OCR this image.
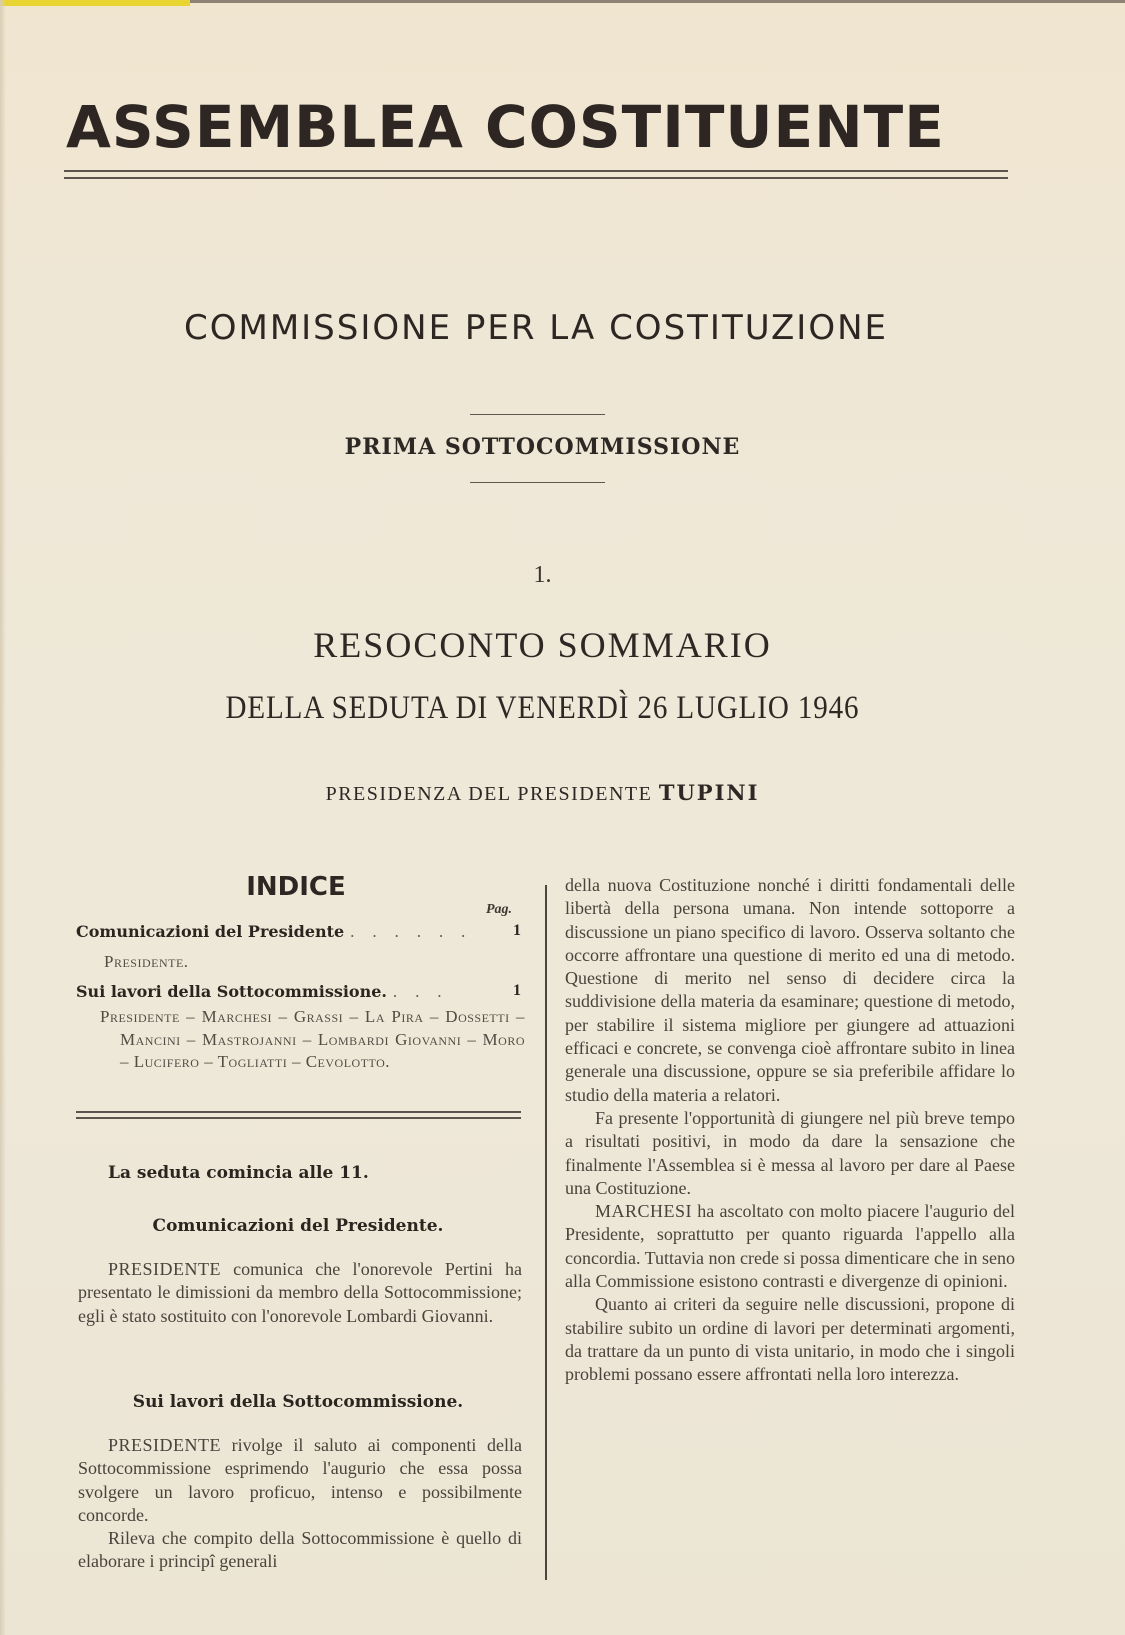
ASSEMBLEA COSTITUENTE
COMMISSIONE PER LA COSTITUZIONE
PRIMA SOTTOCOMMISSIONE
1.
RESOCONTO SOMMARIO
DELLA SEDUTA DI VENERDÌ 26 LUGLIO 1946
PRESIDENZA DEL PRESIDENTE TUPINI
INDICE
Pag.
Comunicazioni del Presidente . . . . . .	1
Presidente.
Sui lavori della Sottocommissione. . . .	1
Presidente – Marchesi – Grassi – La Pira – Dossetti – Mancini – Mastrojanni – Lombardi Giovanni – Moro – Lucifero – Togliatti – Cevolotto.
La seduta comincia alle 11.
Comunicazioni del Presidente.

PRESIDENTE comunica che l'onorevole Pertini ha presentato le dimissioni da membro della Sottocommissione; egli è stato sostituito con l'onorevole Lombardi Giovanni.

Sui lavori della Sottocommissione.

PRESIDENTE rivolge il saluto ai componenti della Sottocommissione esprimendo l'augurio che essa possa svolgere un lavoro proficuo, intenso e possibilmente concorde.

Rileva che compito della Sottocommissione è quello di elaborare i principî generali

della nuova Costituzione nonché i diritti fondamentali delle libertà della persona umana. Non intende sottoporre a discussione un piano specifico di lavoro. Osserva soltanto che occorre affrontare una questione di merito ed una di metodo. Questione di merito nel senso di decidere circa la suddivisione della materia da esaminare; questione di metodo, per stabilire il sistema migliore per giungere ad attuazioni efficaci e concrete, se convenga cioè affrontare subito in linea generale una discussione, oppure se sia preferibile affidare lo studio della materia a relatori.

Fa presente l'opportunità di giungere nel più breve tempo a risultati positivi, in modo da dare la sensazione che finalmente l'Assemblea si è messa al lavoro per dare al Paese una Costituzione.

MARCHESI ha ascoltato con molto piacere l'augurio del Presidente, soprattutto per quanto riguarda l'appello alla concordia. Tuttavia non crede si possa dimenticare che in seno alla Commissione esistono contrasti e divergenze di opinioni.

Quanto ai criteri da seguire nelle discussioni, propone di stabilire subito un ordine di lavori per determinati argomenti, da trattare da un punto di vista unitario, in modo che i singoli problemi possano essere affrontati nella loro interezza.
